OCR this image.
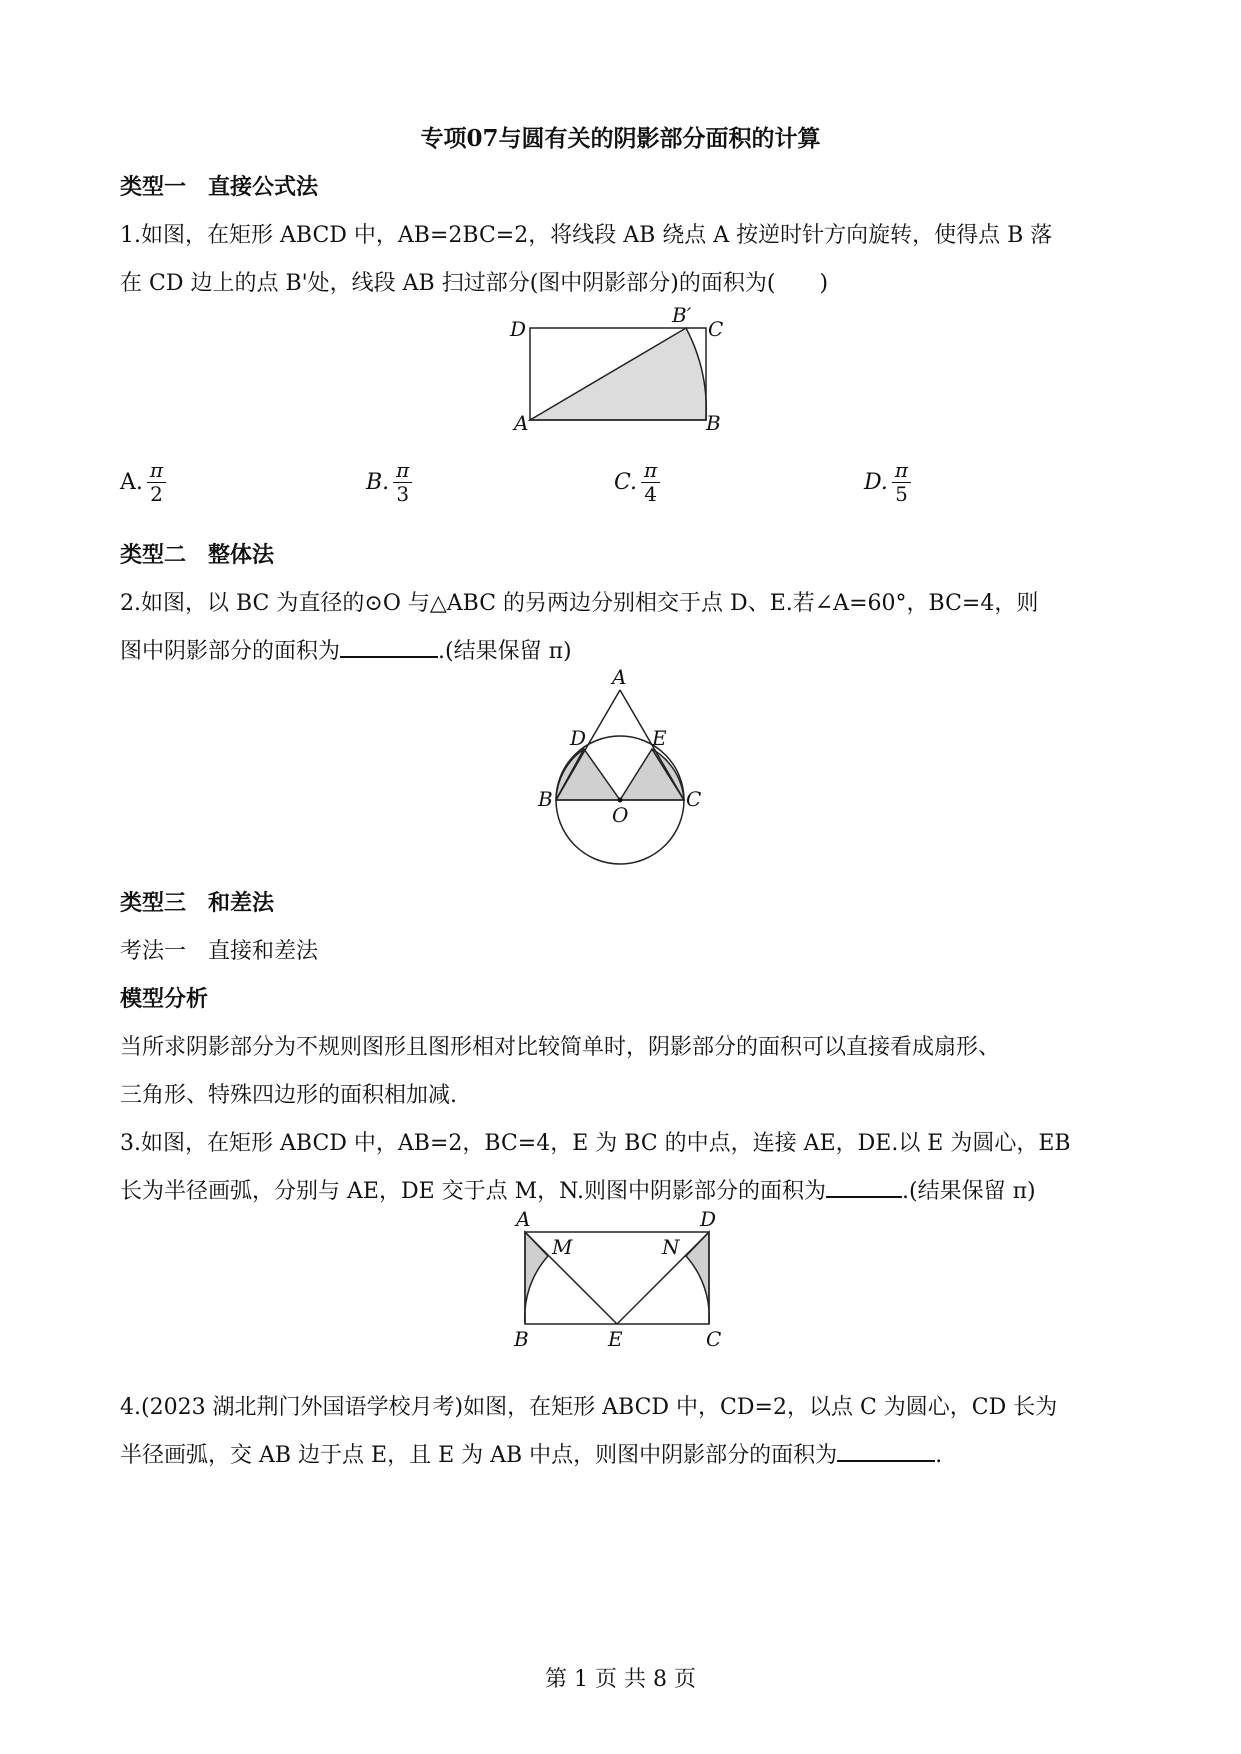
专项07与圆有关的阴影部分面积的计算
类型一　直接公式法
1.如图，在矩形 ABCD 中，AB=2BC=2，将线段 AB 绕点 A 按逆时针方向旋转，使得点 B 落
在 CD 边上的点 B'处，线段 AB 扫过部分(图中阴影部分)的面积为(　　)
D
B′
C
A	B
A. $\frac{\pi}{2}$	B. $\frac{\pi}{3}$	C. $\frac{\pi}{4}$	D. $\frac{\pi}{5}$
类型二　整体法
2.如图，以 BC 为直径的⊙O 与△ABC 的另两边分别相交于点 D、E.若∠A=60°，BC=4，则
图中阴影部分的面积为	.(结果保留 π)
A
D	E
B	C
O
类型三　和差法
考法一　直接和差法
模型分析
当所求阴影部分为不规则图形且图形相对比较简单时，阴影部分的面积可以直接看成扇形、
三角形、特殊四边形的面积相加减.
3.如图，在矩形 ABCD 中，AB=2，BC=4，E 为 BC 的中点，连接 AE，DE.以 E 为圆心，EB
长为半径画弧，分别与 AE，DE 交于点 M，N.则图中阴影部分的面积为	.(结果保留 π)
A	D
M	N
B	E	C
4.(2023 湖北荆门外国语学校月考)如图，在矩形 ABCD 中，CD=2，以点 C 为圆心，CD 长为
半径画弧，交 AB 边于点 E，且 E 为 AB 中点，则图中阴影部分的面积为	.
第 1 页 共 8 页
